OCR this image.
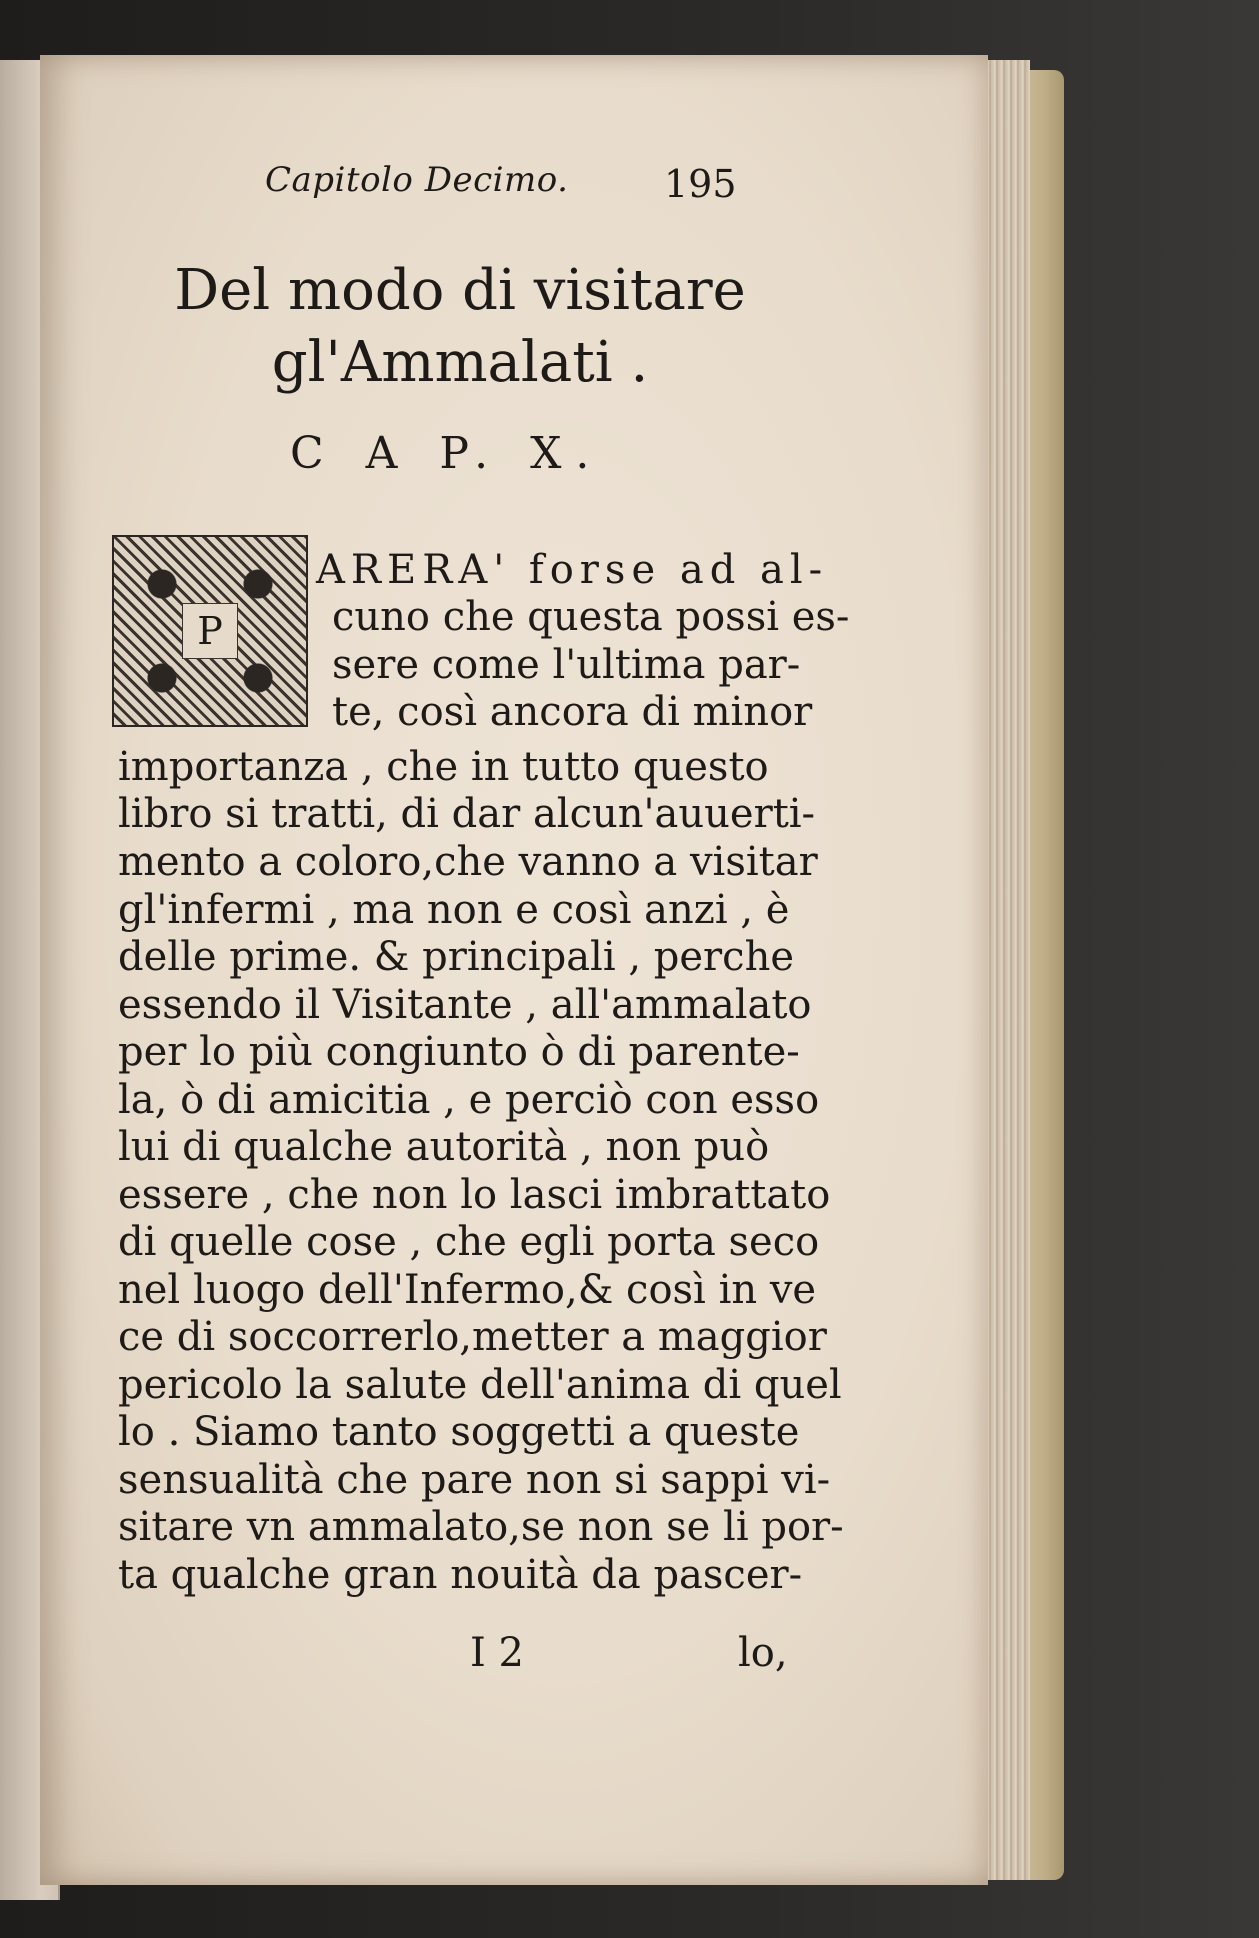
Capitolo Decimo.	195
Del modo di visitare
gl'Ammalati .
C A P. X.
P
ARERA' forse ad al-
cuno che questa possi es-
sere come l'ultima par-
te, così ancora di minor
importanza , che in tutto questo
libro si tratti, di dar alcun'auuerti-
mento a coloro,che vanno a visitar
gl'infermi , ma non e così anzi , è
delle prime. & principali , perche
essendo il Visitante , all'ammalato
per lo più congiunto ò di parente-
la, ò di amicitia , e perciò con esso
lui di qualche autorità , non può
essere , che non lo lasci imbrattato
di quelle cose , che egli porta seco
nel luogo dell'Infermo,& così in ve
ce di soccorrerlo,metter a maggior
pericolo la salute dell'anima di quel
lo . Siamo tanto soggetti a queste
sensualità che pare non si sappi vi-
sitare vn ammalato,se non se li por-
ta qualche gran nouità da pascer-
I 2	lo,
